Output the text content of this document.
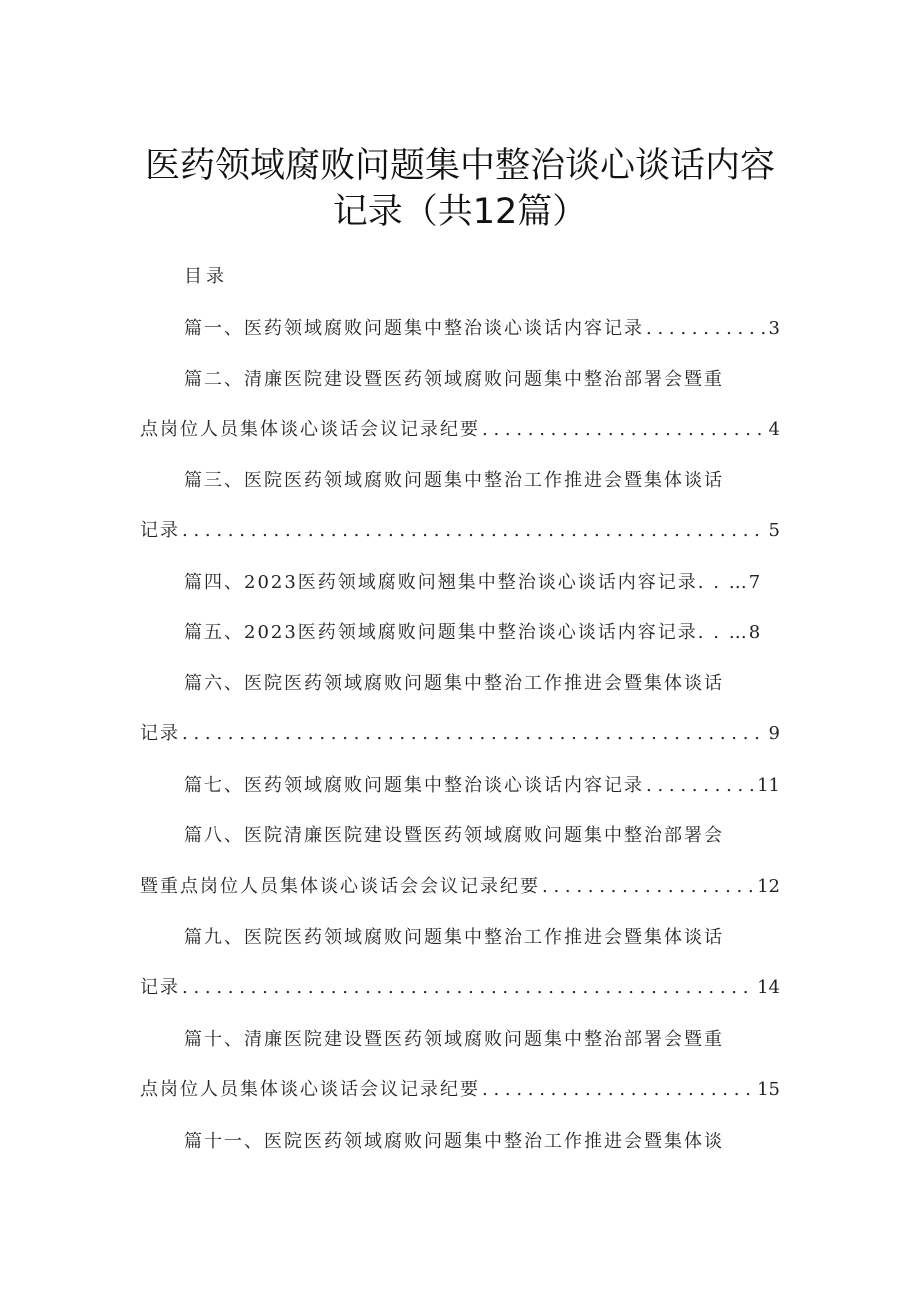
医药领域腐败问题集中整治谈心谈话内容
记录（共12篇）
目录
篇一、医药领域腐败问题集中整治谈心谈话内容记录 . . .	3
篇二、清廉医院建设暨医药领域腐败问题集中整治部署会暨重
点岗位人员集体谈心谈话会议记录纪要 . . .	4
篇三、医院医药领域腐败问题集中整治工作推进会暨集体谈话
记录 . . .	5
篇四、2023医药领域腐败问翘集中整治谈心谈话内容记录. . … 7
篇五、2023医药领域腐败问题集中整治谈心谈话内容记录. . … 8
篇六、医院医药领域腐败问题集中整治工作推进会暨集体谈话
记录 . . .	9
篇七、医药领域腐败问题集中整治谈心谈话内容记录 . . .	11
篇八、医院清廉医院建设暨医药领域腐败问题集中整治部署会
暨重点岗位人员集体谈心谈话会会议记录纪要 . . .	12
篇九、医院医药领域腐败问题集中整治工作推进会暨集体谈话
记录 . . .	14
篇十、清廉医院建设暨医药领域腐败问题集中整治部署会暨重
点岗位人员集体谈心谈话会议记录纪要 . . .	15
篇十一、医院医药领域腐败问题集中整治工作推进会暨集体谈
